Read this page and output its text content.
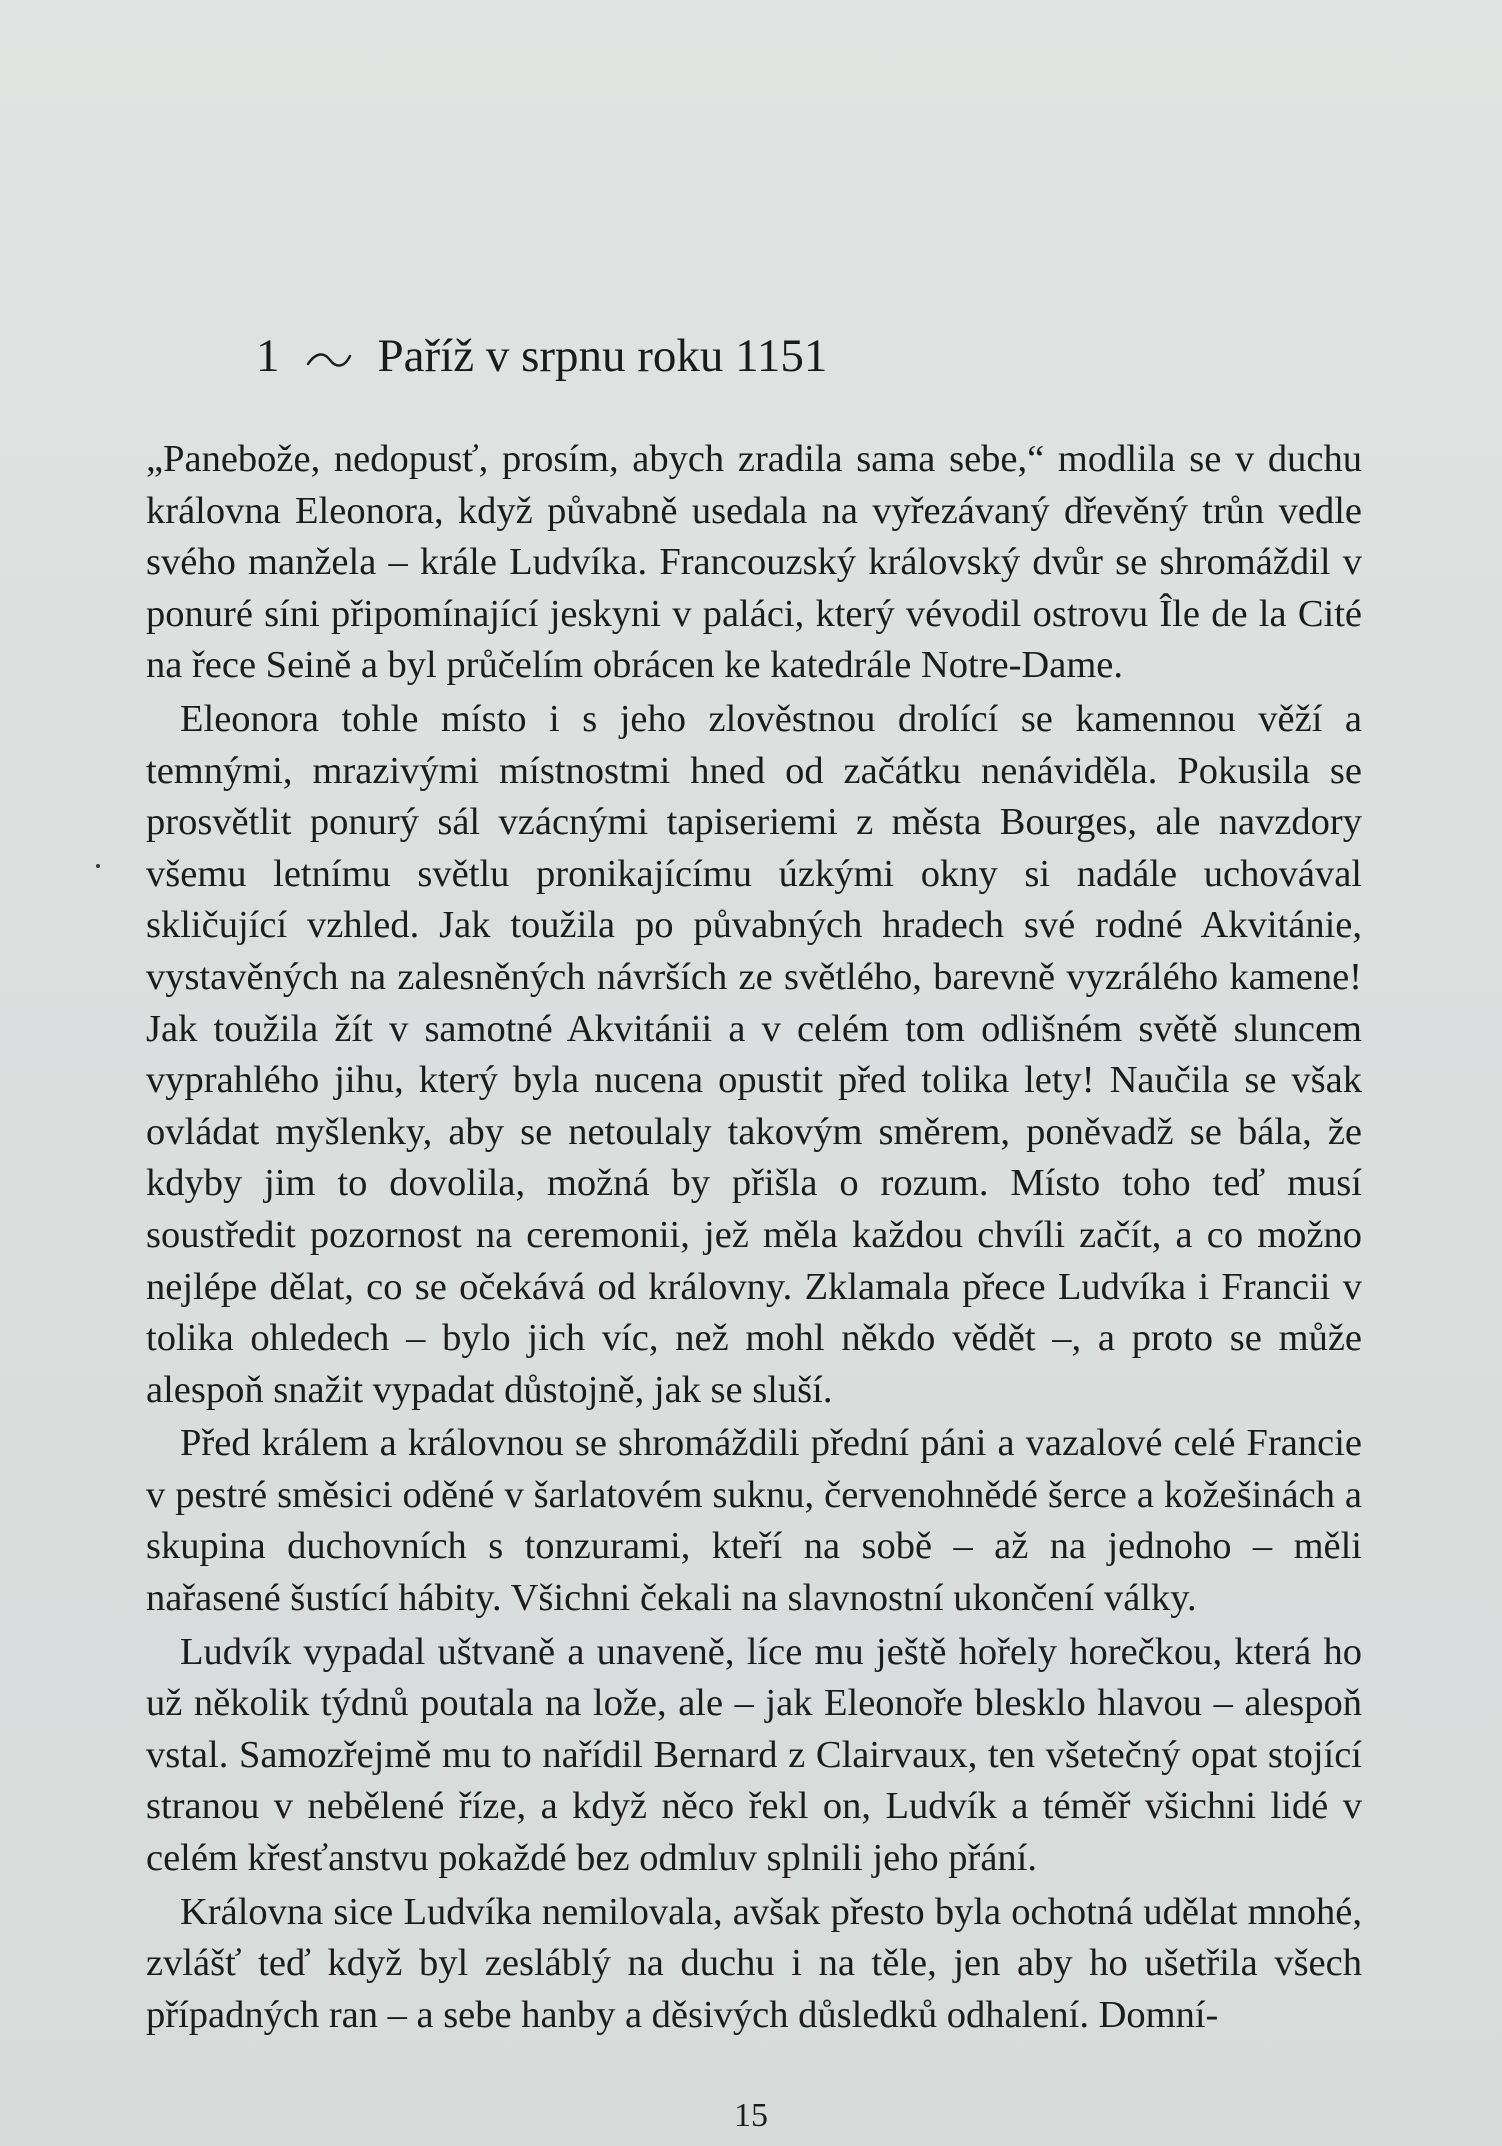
1 Paříž v srpnu roku 1151

„Panebože, nedopusť, prosím, abych zradila sama sebe,“ modlila se v duchu královna Eleonora, když půvabně usedala na vyřezávaný dřevěný trůn vedle svého manžela – krále Ludvíka. Francouzský královský dvůr se shromáždil v ponuré síni připomínající jeskyni v paláci, který vévodil ostrovu Île de la Cité na řece Seině a byl průčelím obrácen ke katedrále Notre-Dame.

Eleonora tohle místo i s jeho zlověstnou drolící se kamennou věží a temnými, mrazivými místnostmi hned od začátku nenáviděla. Pokusila se prosvětlit ponurý sál vzácnými tapiseriemi z města Bourges, ale navzdory všemu letnímu světlu pronikajícímu úzkými okny si nadále uchovával skličující vzhled. Jak toužila po půvabných hradech své rodné Akvitánie, vystavěných na zalesněných návrších ze světlého, barevně vyzrálého kamene! Jak toužila žít v samotné Akvitánii a v celém tom odlišném světě sluncem vyprahlého jihu, který byla nucena opustit před tolika lety! Naučila se však ovládat myšlenky, aby se netoulaly takovým směrem, poněvadž se bála, že kdyby jim to dovolila, možná by přišla o rozum. Místo toho teď musí soustředit pozornost na ceremonii, jež měla každou chvíli začít, a co možno nejlépe dělat, co se očekává od královny. Zklamala přece Ludvíka i Francii v tolika ohledech – bylo jich víc, než mohl někdo vědět –, a proto se může alespoň snažit vypadat důstojně, jak se sluší.

Před králem a královnou se shromáždili přední páni a vazalové celé Francie v pestré směsici oděné v šarlatovém suknu, červenohnědé šerce a kožešinách a skupina duchovních s tonzurami, kteří na sobě – až na jednoho – měli nařasené šustící hábity. Všichni čekali na slavnostní ukončení války.

Ludvík vypadal uštvaně a unaveně, líce mu ještě hořely horečkou, která ho už několik týdnů poutala na lože, ale – jak Eleonoře blesklo hlavou – alespoň vstal. Samozřejmě mu to nařídil Bernard z Clairvaux, ten všetečný opat stojící stranou v nebělené říze, a když něco řekl on, Ludvík a téměř všichni lidé v celém křesťanstvu pokaždé bez odmluv splnili jeho přání.

Královna sice Ludvíka nemilovala, avšak přesto byla ochotná udělat mnohé, zvlášť teď když byl zesláblý na duchu i na těle, jen aby ho ušetřila všech případných ran – a sebe hanby a děsivých důsledků odhalení. Domní-

15
